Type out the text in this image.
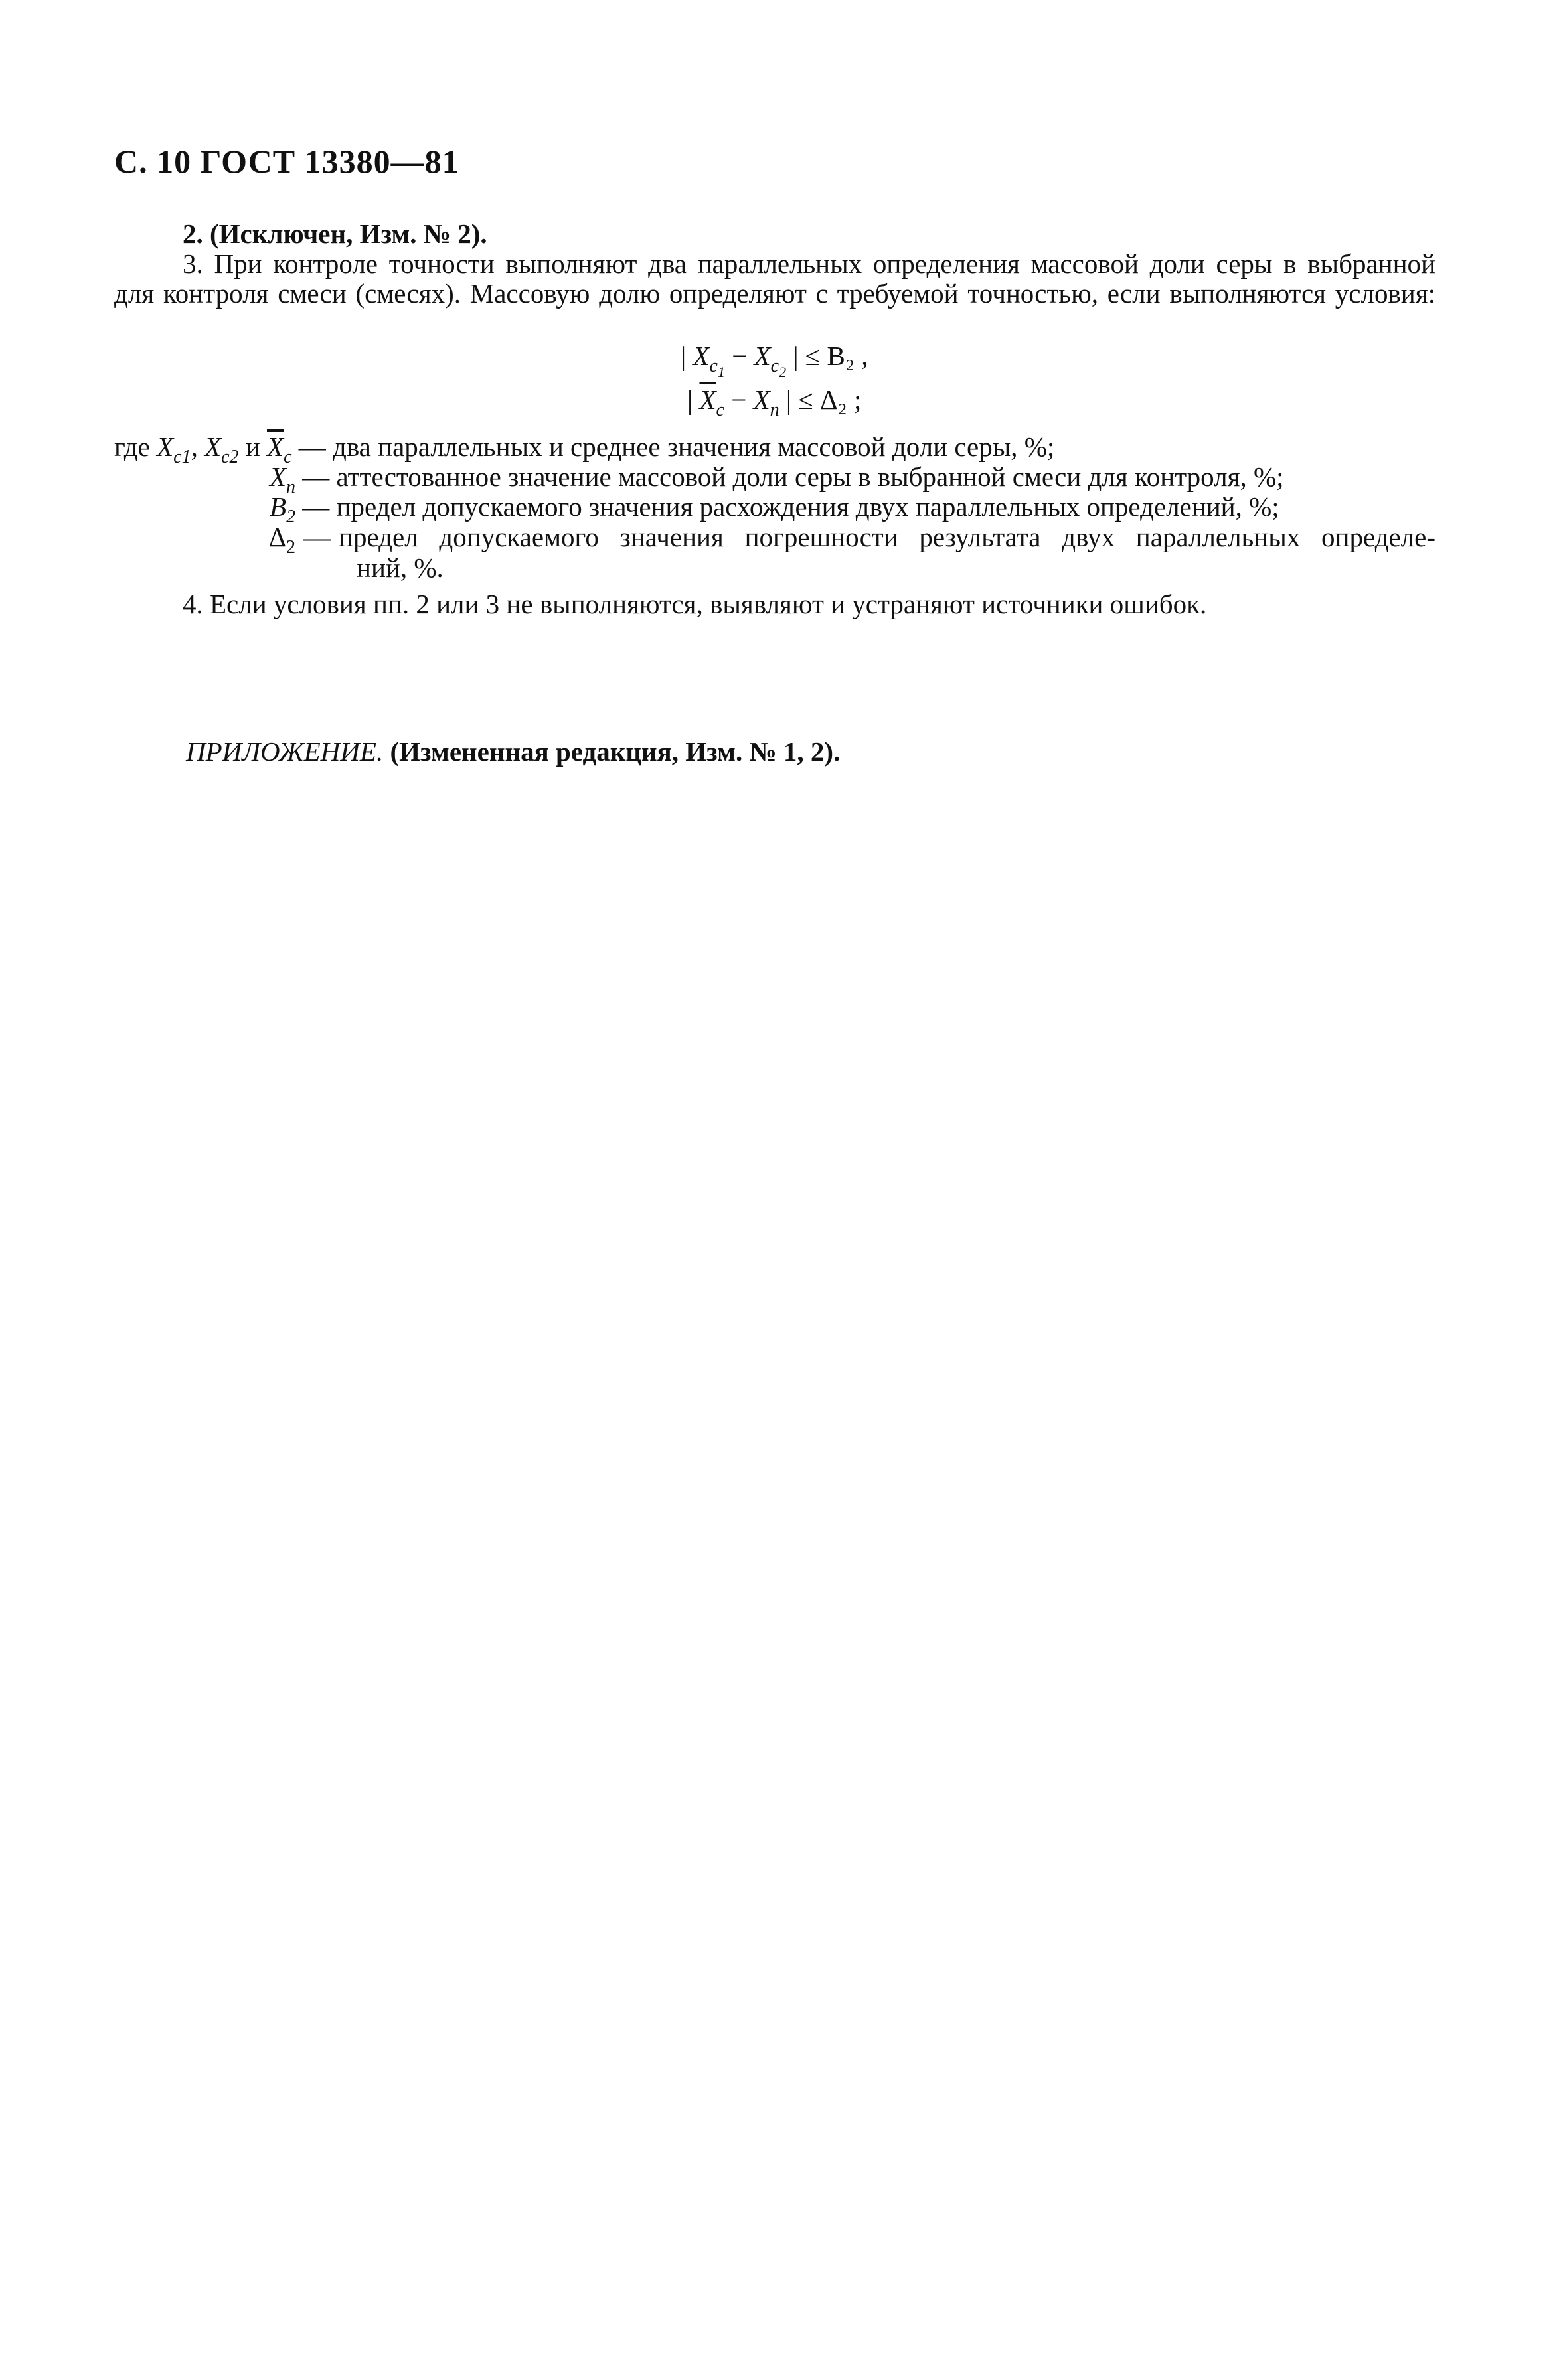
С. 10 ГОСТ 13380—81
2. (Исключен, Изм. № 2).
3. При контроле точности выполняют два параллельных определения массовой доли серы в выбранной
для контроля смеси (смесях). Массовую долю определяют с требуемой точностью, если выполняются условия:
| $X_{c_1} - X_{c_2}$ | ≤ B₂ ,
| $\overline{X}_c - X_n$ | ≤ Δ₂ ;
где $X_{c1}$, $X_{c2}$ и $\overline{X}_c$ — два параллельных и среднее значения массовой доли серы, %;
$X_n$ — аттестованное значение массовой доли серы в выбранной смеси для контроля, %;
$B_2$ — предел допускаемого значения расхождения двух параллельных определений, %;
$\Delta_2$ — предел допускаемого значения погрешности результата двух параллельных определе-
ний, %.
4. Если условия пп. 2 или 3 не выполняются, выявляют и устраняют источники ошибок.
ПРИЛОЖЕНИЕ. (Измененная редакция, Изм. № 1, 2).
